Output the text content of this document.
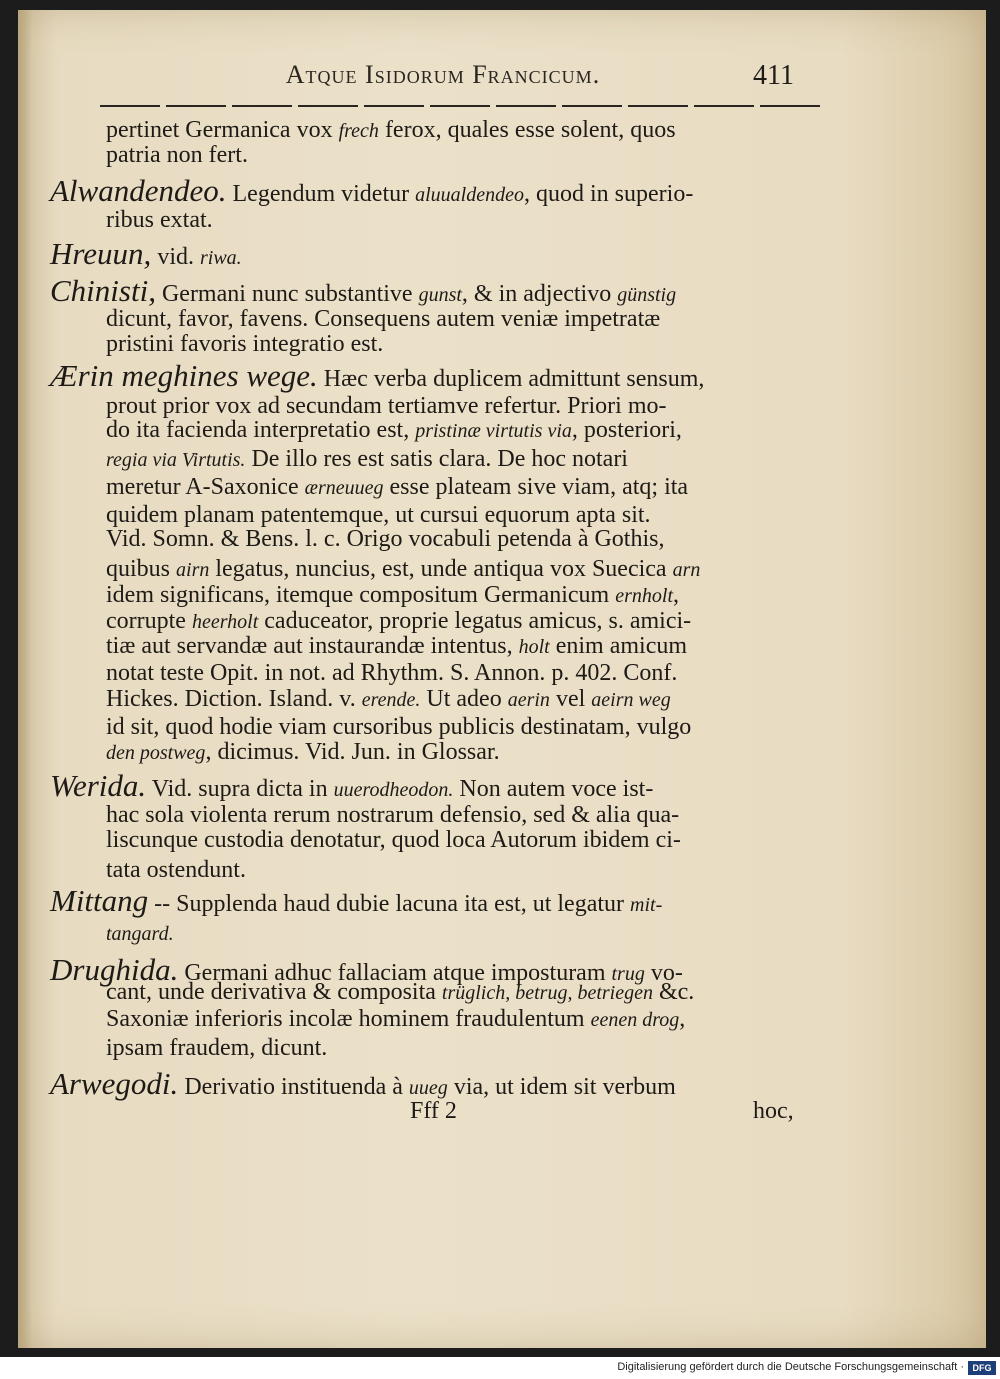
Atque Isidorum Francicum.	411
pertinet Germanica vox frech ferox, quales esse solent, quos
patria non fert.
Alwandendeo. Legendum videtur aluualdendeo, quod in superio-
ribus extat.
Hreuun, vid. riwa.
Chinisti, Germani nunc substantive gunst, & in adjectivo günstig
dicunt, favor, favens. Consequens autem veniæ impetratæ
pristini favoris integratio est.
Ærin meghines wege. Hæc verba duplicem admittunt sensum,
prout prior vox ad secundam tertiamve refertur. Priori mo-
do ita facienda interpretatio est, pristinæ virtutis via, posteriori,
regia via Virtutis. De illo res est satis clara. De hoc notari
meretur A-Saxonice ærneuueg esse plateam sive viam, atq; ita
quidem planam patentemque, ut cursui equorum apta sit.
Vid. Somn. & Bens. l. c. Origo vocabuli petenda à Gothis,
quibus airn legatus, nuncius, est, unde antiqua vox Suecica arn
idem significans, itemque compositum Germanicum ernholt,
corrupte heerholt caduceator, proprie legatus amicus, s. amici-
tiæ aut servandæ aut instaurandæ intentus, holt enim amicum
notat teste Opit. in not. ad Rhythm. S. Annon. p. 402. Conf.
Hickes. Diction. Island. v. erende. Ut adeo aerin vel aeirn weg
id sit, quod hodie viam cursoribus publicis destinatam, vulgo
den postweg, dicimus. Vid. Jun. in Glossar.
Werida. Vid. supra dicta in uuerodheodon. Non autem voce ist-
hac sola violenta rerum nostrarum defensio, sed & alia qua-
liscunque custodia denotatur, quod loca Autorum ibidem ci-
tata ostendunt.
Mittang -- Supplenda haud dubie lacuna ita est, ut legatur mit-
tangard.
Drughida. Germani adhuc fallaciam atque imposturam trug vo-
cant, unde derivativa & composita trüglich, betrug, betriegen &c.
Saxoniæ inferioris incolæ hominem fraudulentum eenen drog,
ipsam fraudem, dicunt.
Arwegodi. Derivatio instituenda à uueg via, ut idem sit verbum
Fff 2	hoc,
Digitalisierung gefördert durch die Deutsche Forschungsgemeinschaft · DFG
